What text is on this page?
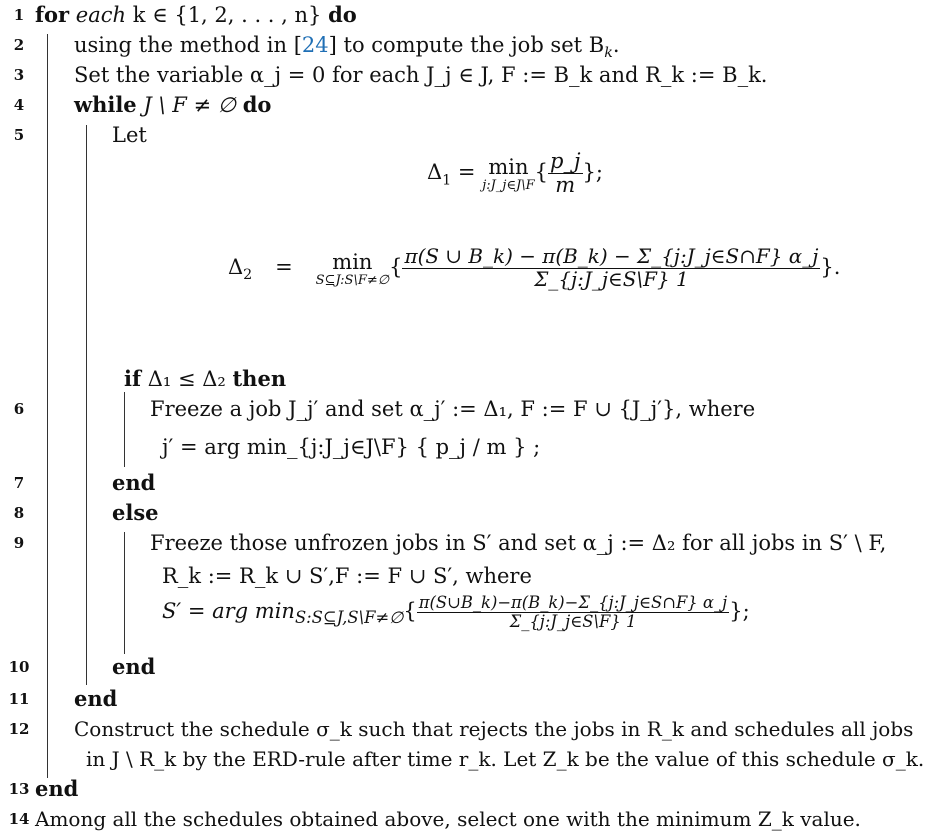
1
2
3
4
5
6
7
8
9
10
11
12
13
14
for each k ∈ {1, 2, . . . , n} do
using the method in [24] to compute the job set $B_k$.
Set the variable α_j = 0 for each J_j ∈ J, F := B_k and R_k := B_k.
while J \ F ≠ ∅ do
Let
$\Delta_1 = \min$
j:J_j∈J\F
{ $\frac{p\_j}{m}$ };
$\Delta_2 = \min$
S⊆J:S\F≠∅
{ $\frac{\pi(S \cup B\_k) - \pi(B\_k) - \Sigma\_\{j:J\_j\in S\cap F\} \alpha\_j}{\Sigma\_\{j:J\_j\in S\backslash F\} 1}$ }.
if Δ₁ ≤ Δ₂ then
Freeze a job J_j′ and set α_j′ := Δ₁, F := F ∪ {J_j′}, where
j′ = arg min_{j:J_j∈J\F} { p_j / m } ;
end
else
Freeze those unfrozen jobs in S′ and set α_j := Δ₂ for all jobs in S′ \ F,
R_k := R_k ∪ S′,F := F ∪ S′, where
S′ = arg $\min_{S:S⊆J,S\backslash F\ne\emptyset}\{ \frac{\pi(S\cup B\_k)-\pi(B\_k)-\Sigma\_\{j:J\_j\in S\cap F\} \alpha\_j}{\Sigma\_\{j:J\_j\in S\backslash F\} 1}$ };
end
end
Construct the schedule σ_k such that rejects the jobs in R_k and schedules all jobs
in J \ R_k by the ERD-rule after time r_k. Let Z_k be the value of this schedule σ_k.
end
Among all the schedules obtained above, select one with the minimum Z_k value.
